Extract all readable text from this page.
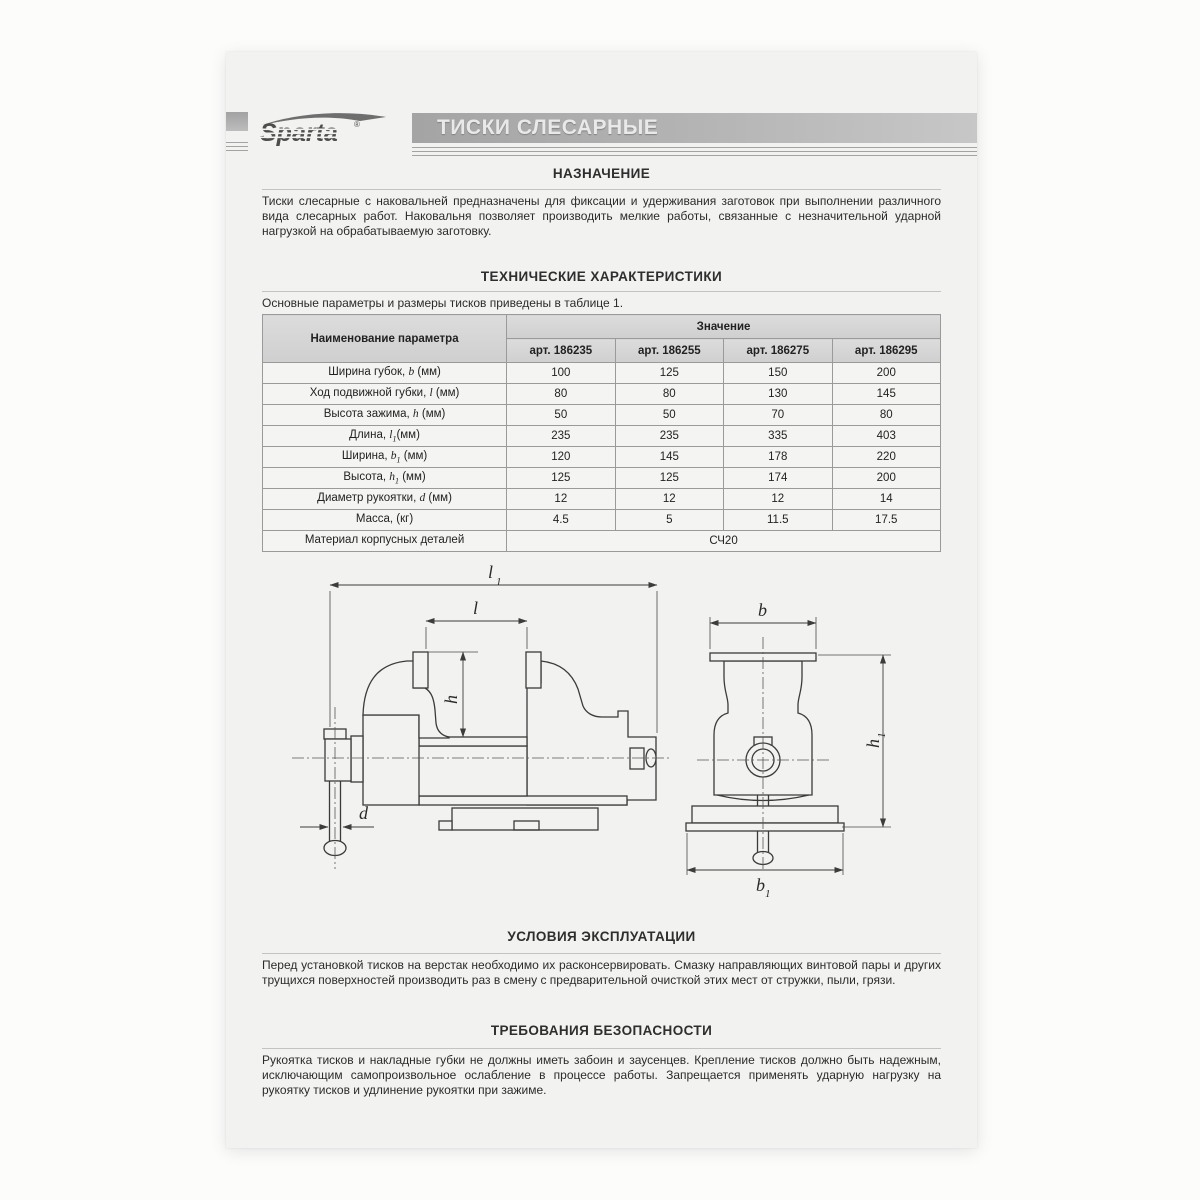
®	ТИСКИ СЛЕСАРНЫЕ
НАЗНАЧЕНИЕ
Тиски слесарные с наковальней предназначены для фиксации и удерживания заготовок при выполнении различного вида слесарных работ. Наковальня позволяет производить мелкие работы, связанные с незначительной ударной нагрузкой на обрабатываемую заготовку.
ТЕХНИЧЕСКИЕ ХАРАКТЕРИСТИКИ
Основные параметры и размеры тисков приведены в таблице 1.
Наименование параметра	Значение			
	арт. 186235	арт. 186255	арт. 186275	арт. 186295
Ширина губок, b (мм)	100	125	150	200
Ход подвижной губки, l (мм)	80	80	130	145
Высота зажима, h (мм)	50	50	70	80
Длина, $l_1(мм)$	235	235	335	403
Ширина, $b_1$ (мм)	120	145	178	220
Высота, $h_1$ (мм)	125	125	174	200
Диаметр рукоятки, d (мм)	12	12	12	14
Масса, (кг)	4.5	5	11.5	17.5
Материал корпусных деталей	СЧ20			
l 1
l
h
d
b
h
1
b 1
УСЛОВИЯ ЭКСПЛУАТАЦИИ
Перед установкой тисков на верстак необходимо их расконсервировать. Смазку направляющих винтовой пары и других трущихся поверхностей производить раз в смену с предварительной очисткой этих мест от стружки, пыли, грязи.
ТРЕБОВАНИЯ БЕЗОПАСНОСТИ
Рукоятка тисков и накладные губки не должны иметь забоин и заусенцев. Крепление тисков должно быть надежным, исключающим самопроизвольное ослабление в процессе работы. Запрещается применять ударную нагрузку на рукоятку тисков и удлинение рукоятки при зажиме.
